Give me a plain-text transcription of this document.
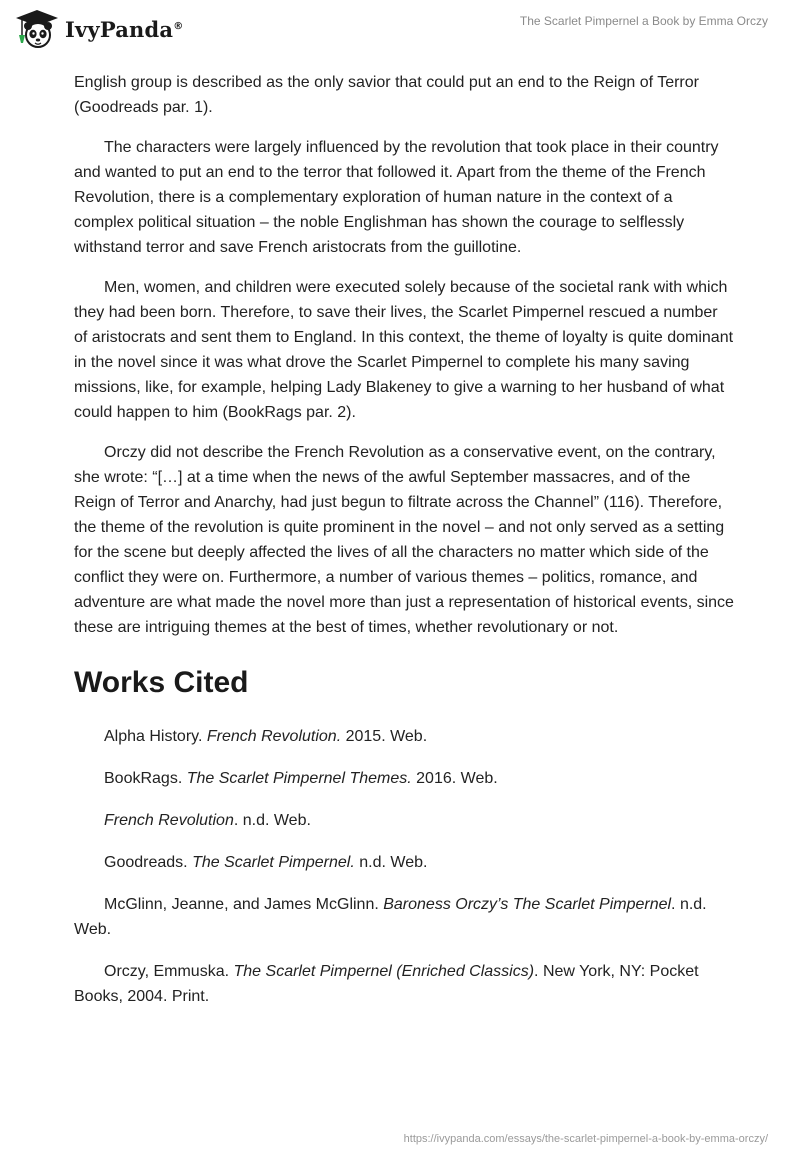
IvyPanda®	The Scarlet Pimpernel a Book by Emma Orczy

English group is described as the only savior that could put an end to the Reign of Terror (Goodreads par. 1).

The characters were largely influenced by the revolution that took place in their country and wanted to put an end to the terror that followed it. Apart from the theme of the French Revolution, there is a complementary exploration of human nature in the context of a complex political situation – the noble Englishman has shown the courage to selflessly withstand terror and save French aristocrats from the guillotine.

Men, women, and children were executed solely because of the societal rank with which they had been born. Therefore, to save their lives, the Scarlet Pimpernel rescued a number of aristocrats and sent them to England. In this context, the theme of loyalty is quite dominant in the novel since it was what drove the Scarlet Pimpernel to complete his many saving missions, like, for example, helping Lady Blakeney to give a warning to her husband of what could happen to him (BookRags par. 2).

Orczy did not describe the French Revolution as a conservative event, on the contrary, she wrote: “[…] at a time when the news of the awful September massacres, and of the Reign of Terror and Anarchy, had just begun to filtrate across the Channel” (116). Therefore, the theme of the revolution is quite prominent in the novel – and not only served as a setting for the scene but deeply affected the lives of all the characters no matter which side of the conflict they were on. Furthermore, a number of various themes – politics, romance, and adventure are what made the novel more than just a representation of historical events, since these are intriguing themes at the best of times, whether revolutionary or not.

Works Cited

Alpha History. French Revolution. 2015. Web.

BookRags. The Scarlet Pimpernel Themes. 2016. Web.

French Revolution. n.d. Web.

Goodreads. The Scarlet Pimpernel. n.d. Web.

McGlinn, Jeanne, and James McGlinn. Baroness Orczy’s The Scarlet Pimpernel. n.d. Web.

Orczy, Emmuska. The Scarlet Pimpernel (Enriched Classics). New York, NY: Pocket Books, 2004. Print.

https://ivypanda.com/essays/the-scarlet-pimpernel-a-book-by-emma-orczy/
